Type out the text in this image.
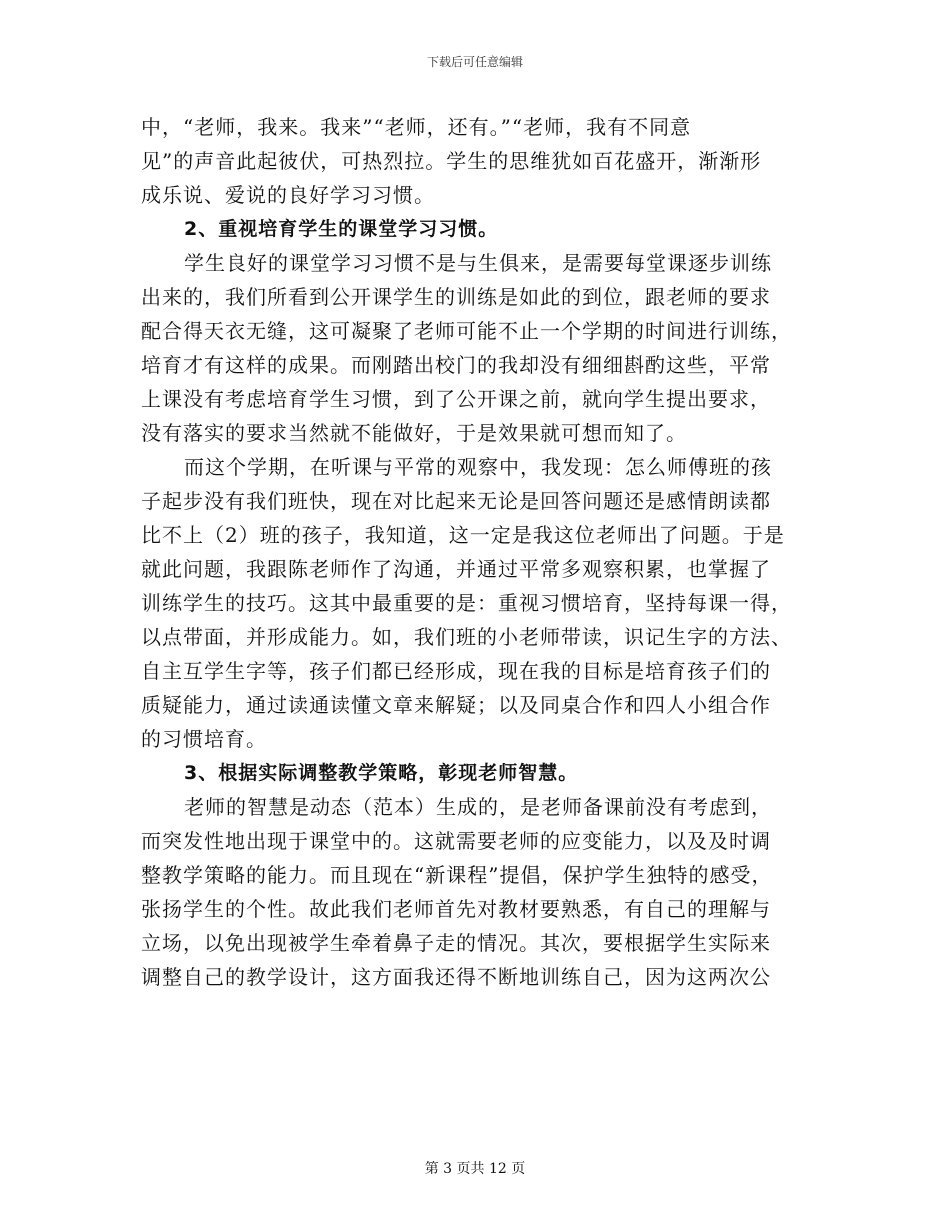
下载后可任意编辑
中，“老师，我来。我来”“老师，还有。”“老师，我有不同意
见”的声音此起彼伏，可热烈拉。学生的思维犹如百花盛开，渐渐形
成乐说、爱说的良好学习习惯。
2、重视培育学生的课堂学习习惯。
学生良好的课堂学习习惯不是与生俱来，是需要每堂课逐步训练
出来的，我们所看到公开课学生的训练是如此的到位，跟老师的要求
配合得天衣无缝，这可凝聚了老师可能不止一个学期的时间进行训练，
培育才有这样的成果。而刚踏出校门的我却没有细细斟酌这些，平常
上课没有考虑培育学生习惯，到了公开课之前，就向学生提出要求，
没有落实的要求当然就不能做好，于是效果就可想而知了。
而这个学期，在听课与平常的观察中，我发现：怎么师傅班的孩
子起步没有我们班快，现在对比起来无论是回答问题还是感情朗读都
比不上（2）班的孩子，我知道，这一定是我这位老师出了问题。于是
就此问题，我跟陈老师作了沟通，并通过平常多观察积累，也掌握了
训练学生的技巧。这其中最重要的是：重视习惯培育，坚持每课一得，
以点带面，并形成能力。如，我们班的小老师带读，识记生字的方法、
自主互学生字等，孩子们都已经形成，现在我的目标是培育孩子们的
质疑能力，通过读通读懂文章来解疑；以及同桌合作和四人小组合作
的习惯培育。
3、根据实际调整教学策略，彰现老师智慧。
老师的智慧是动态（范本）生成的，是老师备课前没有考虑到，
而突发性地出现于课堂中的。这就需要老师的应变能力，以及及时调
整教学策略的能力。而且现在“新课程”提倡，保护学生独特的感受，
张扬学生的个性。故此我们老师首先对教材要熟悉，有自己的理解与
立场，以免出现被学生牵着鼻子走的情况。其次，要根据学生实际来
调整自己的教学设计，这方面我还得不断地训练自己，因为这两次公
第 3 页共 12 页
